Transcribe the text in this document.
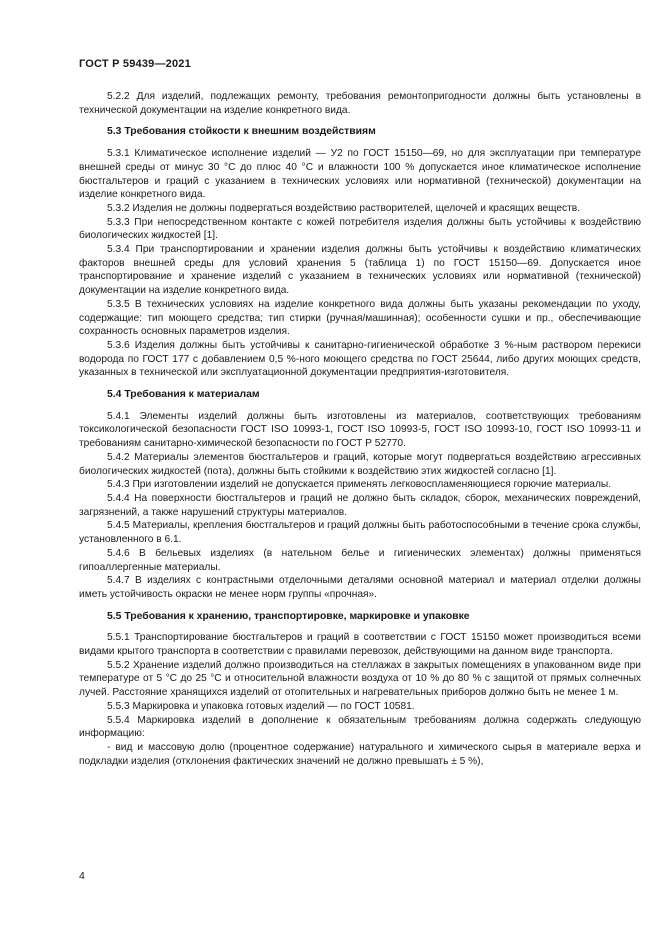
ГОСТ Р 59439—2021

5.2.2 Для изделий, подлежащих ремонту, требования ремонтопригодности должны быть установлены в технической документации на изделие конкретного вида.

5.3 Требования стойкости к внешним воздействиям

5.3.1 Климатическое исполнение изделий — У2 по ГОСТ 15150—69, но для эксплуатации при температуре внешней среды от минус 30 °С до плюс 40 °С и влажности 100 % допускается иное климатическое исполнение бюстгальтеров и граций с указанием в технических условиях или нормативной (технической) документации на изделие конкретного вида.

5.3.2 Изделия не должны подвергаться воздействию растворителей, щелочей и красящих веществ.

5.3.3 При непосредственном контакте с кожей потребителя изделия должны быть устойчивы к воздействию биологических жидкостей [1].

5.3.4 При транспортировании и хранении изделия должны быть устойчивы к воздействию климатических факторов внешней среды для условий хранения 5 (таблица 1) по ГОСТ 15150—69. Допускается иное транспортирование и хранение изделий с указанием в технических условиях или нормативной (технической) документации на изделие конкретного вида.

5.3.5 В технических условиях на изделие конкретного вида должны быть указаны рекомендации по уходу, содержащие: тип моющего средства; тип стирки (ручная/машинная); особенности сушки и пр., обеспечивающие сохранность основных параметров изделия.

5.3.6 Изделия должны быть устойчивы к санитарно-гигиенической обработке 3 %-ным раствором перекиси водорода по ГОСТ 177 с добавлением 0,5 %-ного моющего средства по ГОСТ 25644, либо других моющих средств, указанных в технической или эксплуатационной документации предприятия-изготовителя.

5.4 Требования к материалам

5.4.1 Элементы изделий должны быть изготовлены из материалов, соответствующих требованиям токсикологической безопасности ГОСТ ISO 10993-1, ГОСТ ISO 10993-5, ГОСТ ISO 10993-10, ГОСТ ISO 10993-11 и требованиям санитарно-химической безопасности по ГОСТ Р 52770.

5.4.2 Материалы элементов бюстгальтеров и граций, которые могут подвергаться воздействию агрессивных биологических жидкостей (пота), должны быть стойкими к воздействию этих жидкостей согласно [1].

5.4.3 При изготовлении изделий не допускается применять легковоспламеняющиеся горючие материалы.

5.4.4 На поверхности бюстгальтеров и граций не должно быть складок, сборок, механических повреждений, загрязнений, а также нарушений структуры материалов.

5.4.5 Материалы, крепления бюстгальтеров и граций должны быть работоспособными в течение срока службы, установленного в 6.1.

5.4.6 В бельевых изделиях (в нательном белье и гигиенических элементах) должны применяться гипоаллергенные материалы.

5.4.7 В изделиях с контрастными отделочными деталями основной материал и материал отделки должны иметь устойчивость окраски не менее норм группы «прочная».

5.5 Требования к хранению, транспортировке, маркировке и упаковке

5.5.1 Транспортирование бюстгальтеров и граций в соответствии с ГОСТ 15150 может производиться всеми видами крытого транспорта в соответствии с правилами перевозок, действующими на данном виде транспорта.

5.5.2 Хранение изделий должно производиться на стеллажах в закрытых помещениях в упакованном виде при температуре от 5 °С до 25 °С и относительной влажности воздуха от 10 % до 80 % с защитой от прямых солнечных лучей. Расстояние хранящихся изделий от отопительных и нагревательных приборов должно быть не менее 1 м.

5.5.3 Маркировка и упаковка готовых изделий — по ГОСТ 10581.

5.5.4 Маркировка изделий в дополнение к обязательным требованиям должна содержать следующую информацию:

- вид и массовую долю (процентное содержание) натурального и химического сырья в материале верха и подкладки изделия (отклонения фактических значений не должно превышать ± 5 %),

4
